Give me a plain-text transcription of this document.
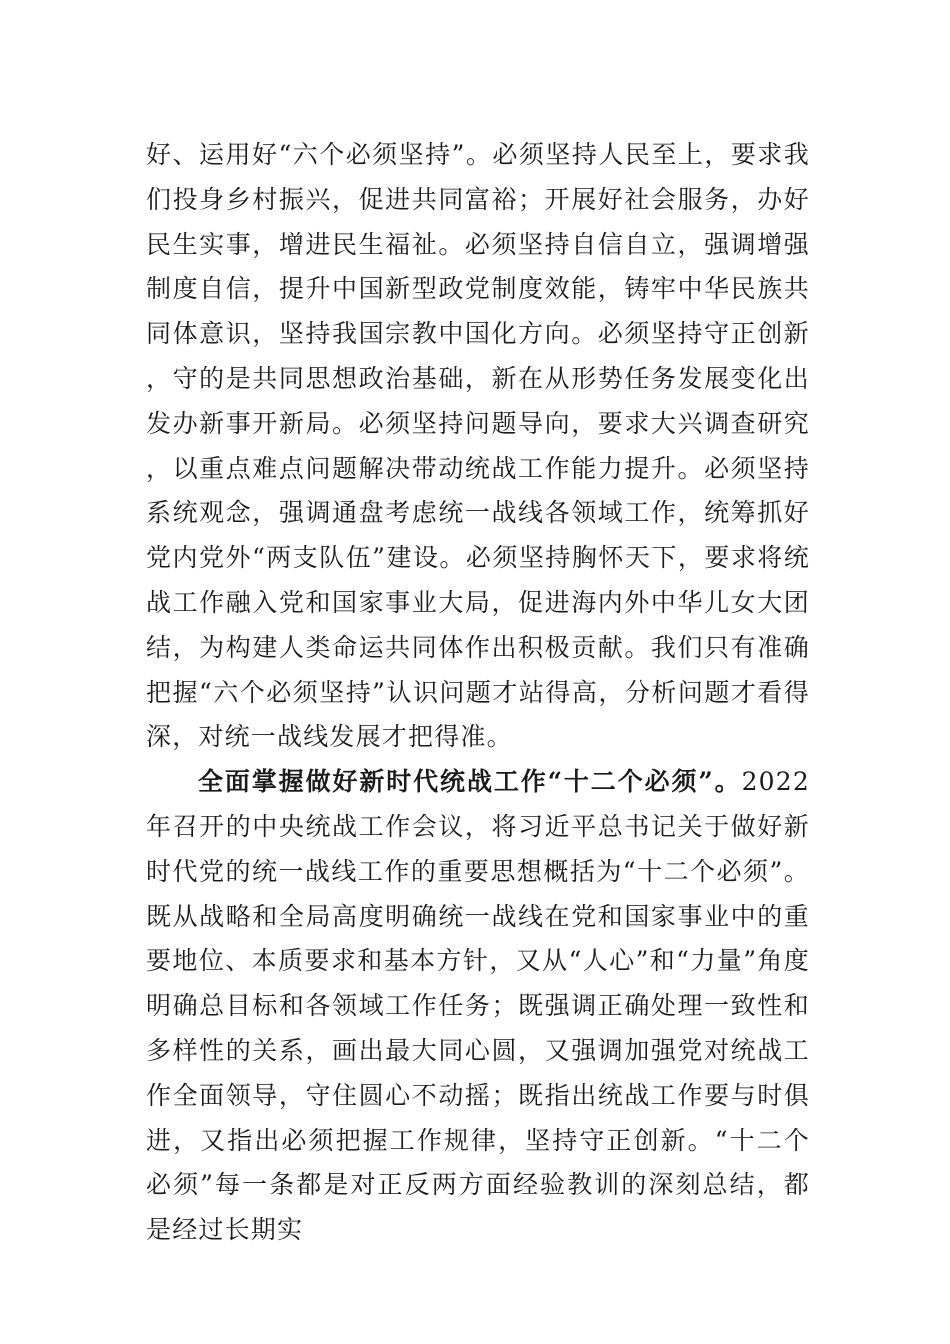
好、运用好“六个必须坚持”。必须坚持人民至上，要求我们投身乡村振兴，促进共同富裕；开展好社会服务，办好民生实事，增进民生福祉。必须坚持自信自立，强调增强制度自信，提升中国新型政党制度效能，铸牢中华民族共同体意识，坚持我国宗教中国化方向。必须坚持守正创新，守的是共同思想政治基础，新在从形势任务发展变化出发办新事开新局。必须坚持问题导向，要求大兴调查研究，以重点难点问题解决带动统战工作能力提升。必须坚持系统观念，强调通盘考虑统一战线各领域工作，统筹抓好党内党外“两支队伍”建设。必须坚持胸怀天下，要求将统战工作融入党和国家事业大局，促进海内外中华儿女大团结，为构建人类命运共同体作出积极贡献。我们只有准确把握“六个必须坚持”认识问题才站得高，分析问题才看得深，对统一战线发展才把得准。

全面掌握做好新时代统战工作“十二个必须”。2022年召开的中央统战工作会议，将习近平总书记关于做好新时代党的统一战线工作的重要思想概括为“十二个必须”。既从战略和全局高度明确统一战线在党和国家事业中的重要地位、本质要求和基本方针，又从“人心”和“力量”角度明确总目标和各领域工作任务；既强调正确处理一致性和多样性的关系，画出最大同心圆，又强调加强党对统战工作全面领导，守住圆心不动摇；既指出统战工作要与时俱进，又指出必须把握工作规律，坚持守正创新。“十二个必须”每一条都是对正反两方面经验教训的深刻总结，都是经过长期实
